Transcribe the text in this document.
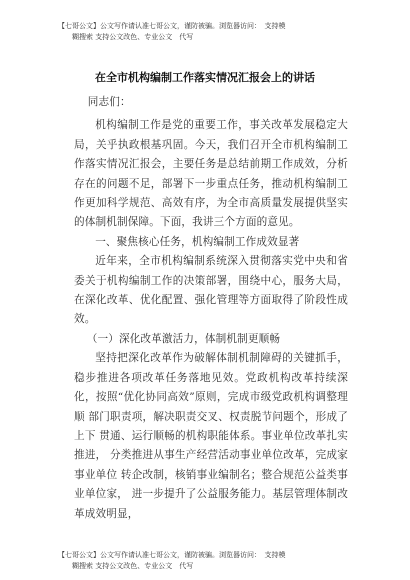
【七哥公文】公文写作请认准七哥公文，谨防被骗。浏览器访问：　支持模
糊搜索 支持公文改色、专业公文　代写
在全市机构编制工作落实情况汇报会上的讲话

同志们：

机构编制工作是党的重要工作，事关改革发展稳定大局，关乎执政根基巩固。今天，我们召开全市机构编制工作落实情况汇报会，主要任务是总结前期工作成效，分析存在的问题不足，部署下一步重点任务，推动机构编制工作更加科学规范、高效有序，为全市高质量发展提供坚实的体制机制保障。下面，我讲三个方面的意见。

一、聚焦核心任务，机构编制工作成效显著

近年来，全市机构编制系统深入贯彻落实党中央和省委关于机构编制工作的决策部署，围绕中心，服务大局，在深化改革、优化配置、强化管理等方面取得了阶段性成效。

（一）深化改革激活力，体制机制更顺畅

坚持把深化改革作为破解体制机制障碍的关键抓手，稳步推进各项改革任务落地见效。党政机构改革持续深化，按照“优化协同高效”原则，完成市级党政机构调整理顺 部门职责项，解决职责交叉、权责脱节问题个，形成了上下 贯通、运行顺畅的机构职能体系。事业单位改革扎实推进， 分类推进从事生产经营活动事业单位改革，完成家事业单位 转企改制，核销事业编制名；整合规范公益类事业单位家， 进一步提升了公益服务能力。基层管理体制改革成效明显，

【七哥公文】公文写作请认准七哥公文，谨防被骗。浏览器访问：　支持模
糊搜索 支持公文改色、专业公文　代写
